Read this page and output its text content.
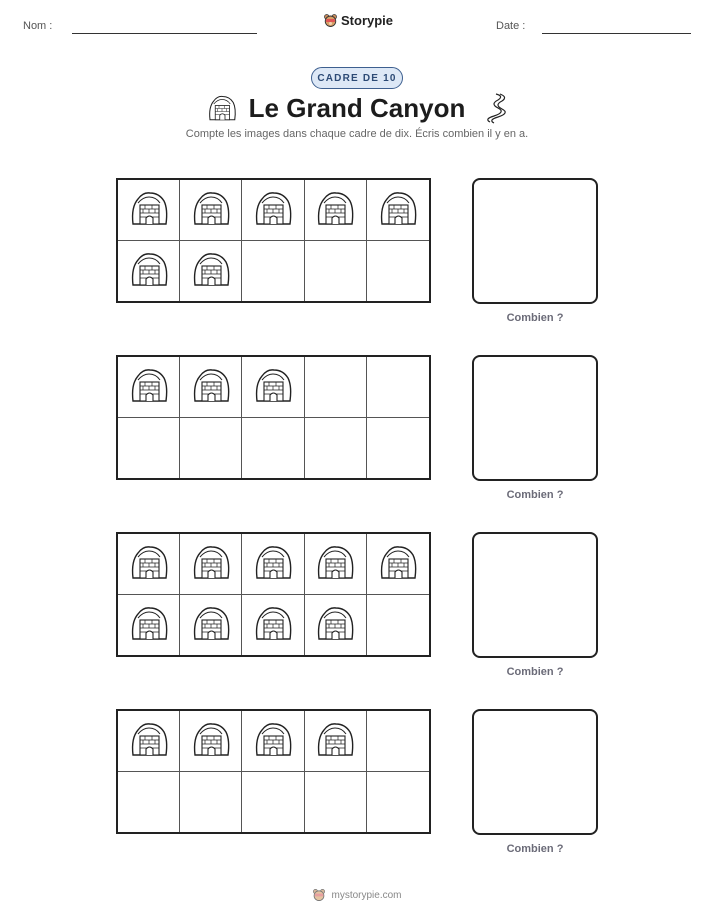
Nom :	Storypie	Date :
CADRE DE 10
Le Grand Canyon
Compte les images dans chaque cadre de dix. Écris combien il y en a.
Combien ?
Combien ?
Combien ?
Combien ?
mystorypie.com
